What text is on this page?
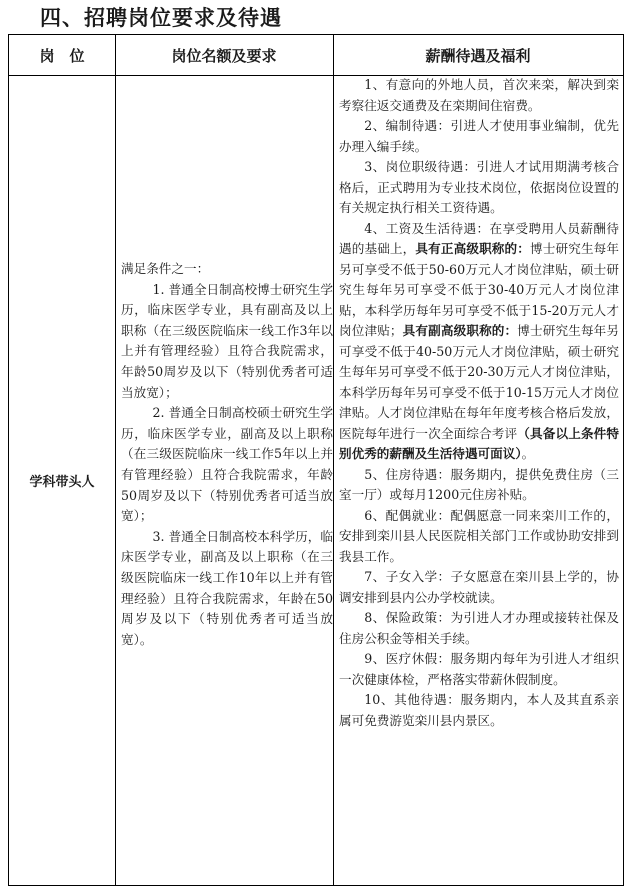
四、招聘岗位要求及待遇
岗　位	岗位名额及要求	薪酬待遇及福利
学科带头人

满足条件之一：

1. 普通全日制高校博士研究生学历，临床医学专业，具有副高及以上职称（在三级医院临床一线工作3年以上并有管理经验）且符合我院需求，年龄50周岁及以下（特别优秀者可适当放宽）；

2. 普通全日制高校硕士研究生学历，临床医学专业，副高及以上职称（在三级医院临床一线工作5年以上并有管理经验）且符合我院需求，年龄50周岁及以下（特别优秀者可适当放宽）；

3. 普通全日制高校本科学历，临床医学专业，副高及以上职称（在三级医院临床一线工作10年以上并有管理经验）且符合我院需求，年龄在50周岁及以下（特别优秀者可适当放宽）。

1、有意向的外地人员，首次来栾，解决到栾考察往返交通费及在栾期间住宿费。

2、编制待遇：引进人才使用事业编制，优先办理入编手续。

3、岗位职级待遇：引进人才试用期满考核合格后，正式聘用为专业技术岗位，依据岗位设置的有关规定执行相关工资待遇。

4、工资及生活待遇：在享受聘用人员薪酬待遇的基础上，具有正高级职称的：博士研究生每年另可享受不低于50-60万元人才岗位津贴，硕士研究生每年另可享受不低于30-40万元人才岗位津贴，本科学历每年另可享受不低于15-20万元人才岗位津贴；具有副高级职称的：博士研究生每年另可享受不低于40-50万元人才岗位津贴，硕士研究生每年另可享受不低于20-30万元人才岗位津贴，本科学历每年另可享受不低于10-15万元人才岗位津贴。人才岗位津贴在每年年度考核合格后发放，医院每年进行一次全面综合考评（具备以上条件特别优秀的薪酬及生活待遇可面议）。

5、住房待遇：服务期内，提供免费住房（三室一厅）或每月1200元住房补贴。

6、配偶就业：配偶愿意一同来栾川工作的，安排到栾川县人民医院相关部门工作或协助安排到我县工作。

7、子女入学：子女愿意在栾川县上学的，协调安排到县内公办学校就读。

8、保险政策：为引进人才办理或接转社保及住房公积金等相关手续。

9、医疗休假：服务期内每年为引进人才组织一次健康体检，严格落实带薪休假制度。

10、其他待遇：服务期内，本人及其直系亲属可免费游览栾川县内景区。
